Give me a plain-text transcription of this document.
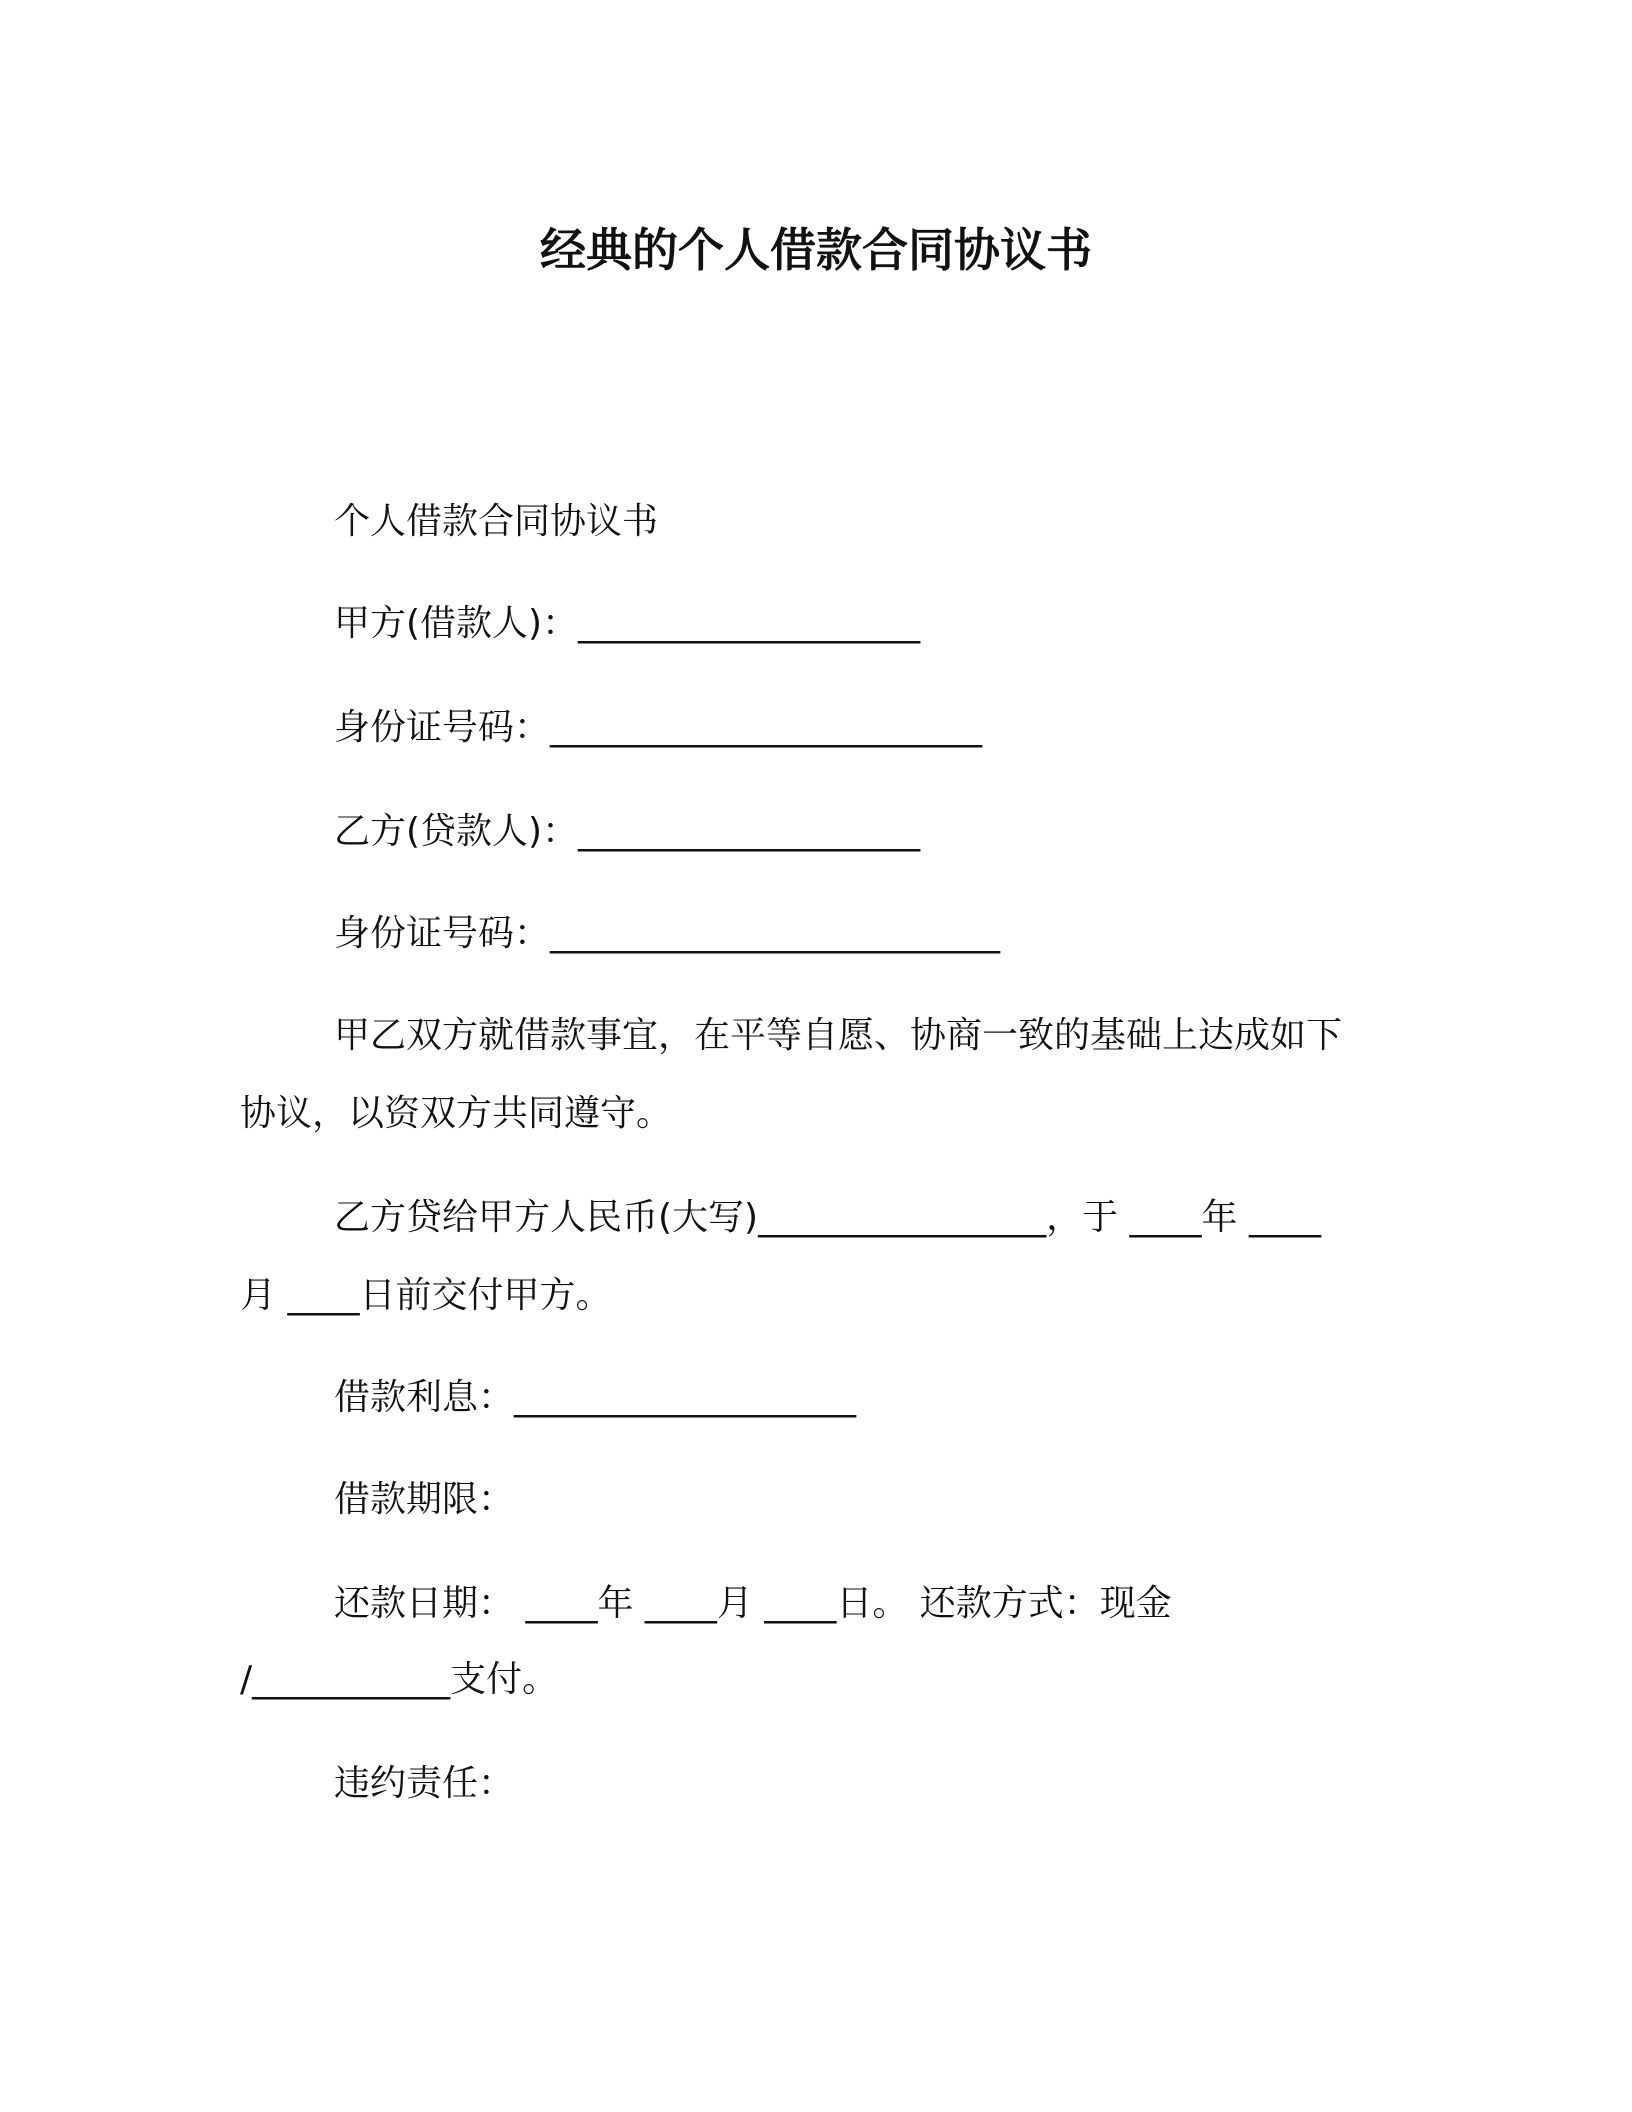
经典的个人借款合同协议书
个人借款合同协议书
甲方(借款人)：___________________
身份证号码：________________________
乙方(贷款人)：___________________
身份证号码：_________________________
甲乙双方就借款事宜，在平等自愿、协商一致的基础上达成如下
协议，以资双方共同遵守。
乙方贷给甲方人民币(大写)________________，于 ____年 ____
月 ____日前交付甲方。
借款利息：___________________
借款期限：
还款日期： ____年 ____月 ____日。 还款方式：现金
/___________支付。
违约责任：
